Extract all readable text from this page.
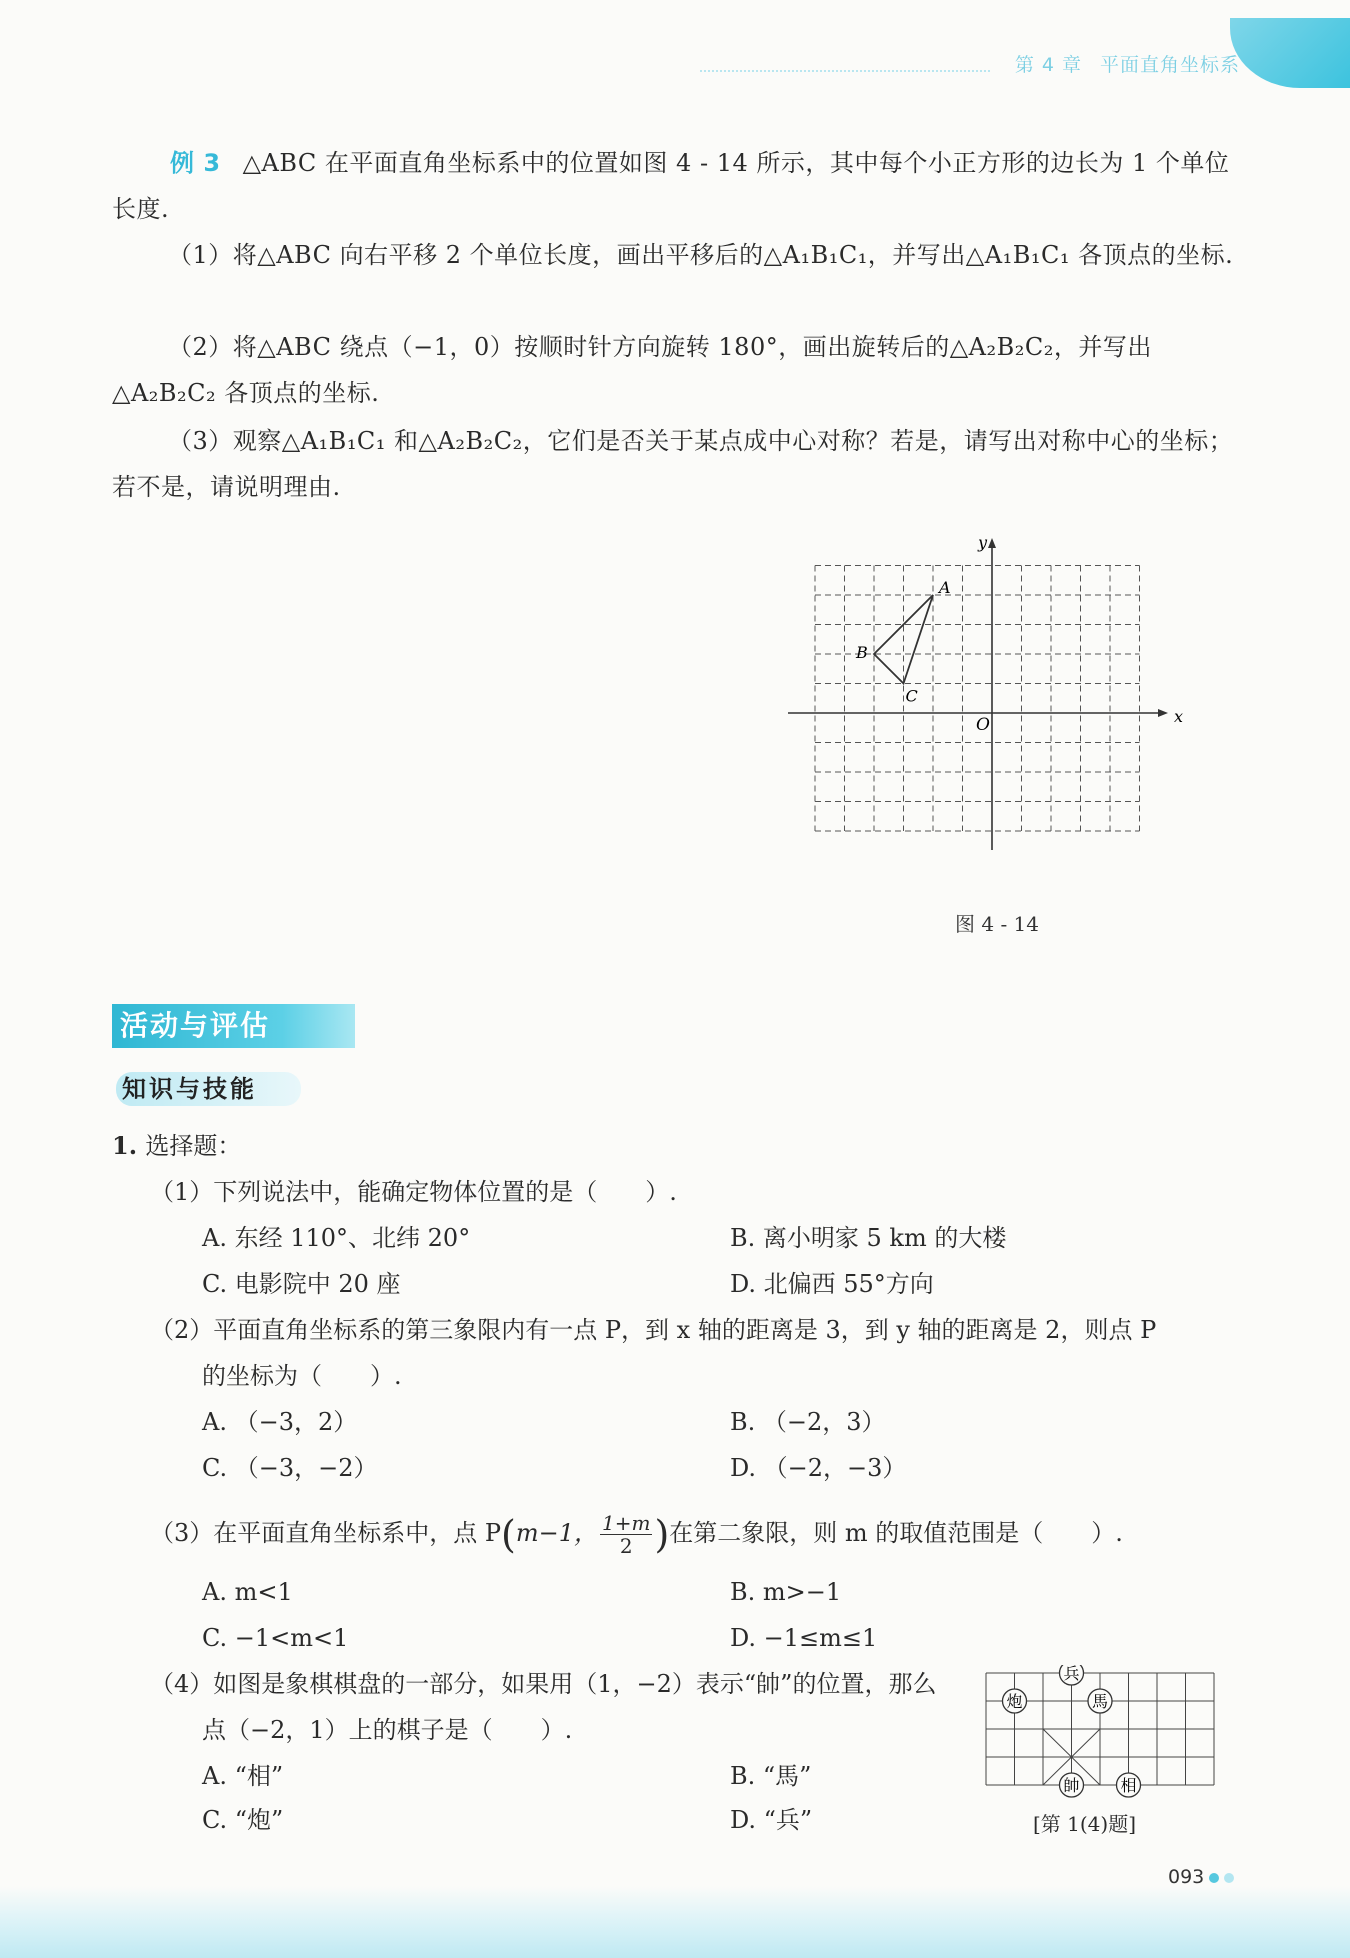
第 4 章 平面直角坐标系

例 3 △ABC 在平面直角坐标系中的位置如图 4 - 14 所示，其中每个小正方形的边长为 1 个单位长度.

（1）将△ABC 向右平移 2 个单位长度，画出平移后的△A₁B₁C₁，并写出△A₁B₁C₁ 各顶点的坐标.

（2）将△ABC 绕点（−1，0）按顺时针方向旋转 180°，画出旋转后的△A₂B₂C₂，并写出△A₂B₂C₂ 各顶点的坐标.

（3）观察△A₁B₁C₁ 和△A₂B₂C₂，它们是否关于某点成中心对称？若是，请写出对称中心的坐标；若不是，请说明理由.

x
y
O
A
B
C
图 4 - 14
活动与评估
知识与技能

1. 选择题：

（1）下列说法中，能确定物体位置的是（　　）.

A. 东经 110°、北纬 20°	B. 离小明家 5 km 的大楼

C. 电影院中 20 座	D. 北偏西 55°方向

（2）平面直角坐标系的第三象限内有一点 P，到 x 轴的距离是 3，到 y 轴的距离是 2，则点 P

的坐标为（　　）.

A. （−3，2）	B. （−2，3）

C. （−3，−2）	D. （−2，−3）

（3）在平面直角坐标系中，点 P(m−1， $\frac{1+m}{2}$ )在第二象限，则 m 的取值范围是（　　）.

A. m<1	B. m>−1

C. −1<m<1	D. −1≤m≤1

（4）如图是象棋棋盘的一部分，如果用（1，−2）表示“帥”的位置，那么

点（−2，1）上的棋子是（　　）.

A. “相”	B. “馬”

C. “炮”	D. “兵”

兵
炮	馬
帥	相
[第 1(4)题]
093
